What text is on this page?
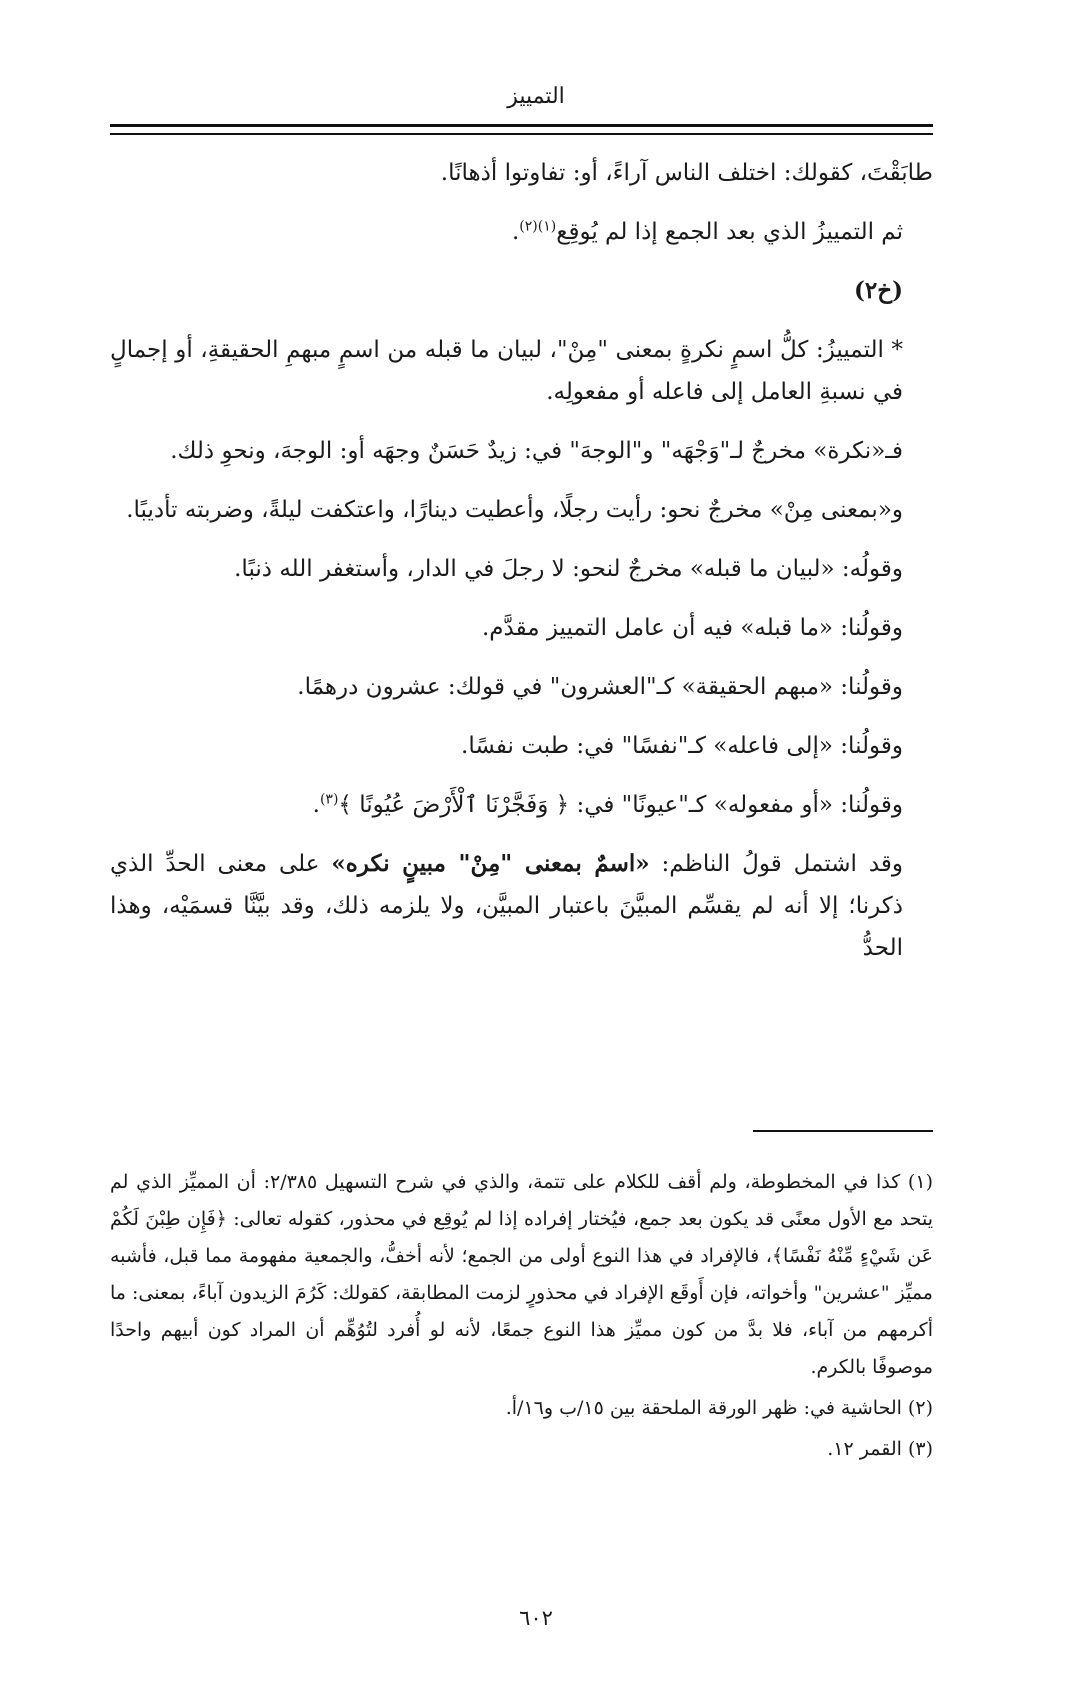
التمييز

طابَقْتَ، كقولك: اختلف الناس آراءً، أو: تفاوتوا أذهانًا.

ثم التمييزُ الذي بعد الجمع إذا لم يُوقِع$^{(١)(٢)}$.

(خ٢)

* التمييزُ: كلُّ اسمٍ نكرةٍ بمعنى "مِنْ"، لبيان ما قبله من اسمٍ مبهمِ الحقيقةِ، أو إجمالٍ في نسبةِ العامل إلى فاعله أو مفعولِه.

فـ«نكرة» مخرجٌ لـ"وَجْهَه" و"الوجهَ" في: زيدٌ حَسَنٌ وجهَه أو: الوجهَ، ونحوِ ذلك.

و«بمعنى مِنْ» مخرجٌ نحو: رأيت رجلًا، وأعطيت دينارًا، واعتكفت ليلةً، وضربته تأديبًا.

وقولُه: «لبيان ما قبله» مخرجٌ لنحو: لا رجلَ في الدار، وأستغفر الله ذنبًا.

وقولُنا: «ما قبله» فيه أن عامل التمييز مقدَّم.

وقولُنا: «مبهم الحقيقة» كـ"العشرون" في قولك: عشرون درهمًا.

وقولُنا: «إلى فاعله» كـ"نفسًا" في: طبت نفسًا.

وقولُنا: «أو مفعوله» كـ"عيونًا" في: ﴿ وَفَجَّرْنَا ٱلْأَرْضَ عُيُونًا ﴾$^{(٣)}$.

وقد اشتمل قولُ الناظم: «اسمٌ بمعنى "مِنْ" مبينٍ نكره» على معنى الحدِّ الذي ذكرنا؛ إلا أنه لم يقسِّم المبيَّنَ باعتبار المبيَّن، ولا يلزمه ذلك، وقد بيَّنَّا قسمَيْه، وهذا الحدُّ

(١) كذا في المخطوطة، ولم أقف للكلام على تتمة، والذي في شرح التسهيل ٢/٣٨٥: أن المميِّز الذي لم يتحد مع الأول معنًى قد يكون بعد جمع، فيُختار إفراده إذا لم يُوقِع في محذور، كقوله تعالى: ﴿فَإِن طِبْنَ لَكُمْ عَن شَيْءٍ مِّنْهُ نَفْسًا﴾، فالإفراد في هذا النوع أولى من الجمع؛ لأنه أخفُّ، والجمعية مفهومة مما قبل، فأشبه مميِّز "عشرين" وأخواته، فإن أَوقَع الإفراد في محذورٍ لزمت المطابقة، كقولك: كَرُمَ الزيدون آباءً، بمعنى: ما أكرمهم من آباء، فلا بدَّ من كون مميِّز هذا النوع جمعًا، لأنه لو أُفرد لتُوُهِّم أن المراد كون أبيهم واحدًا موصوفًا بالكرم.

(٢) الحاشية في: ظهر الورقة الملحقة بين ١٥/ب و١٦/أ.

(٣) القمر ١٢.

٦٠٢
